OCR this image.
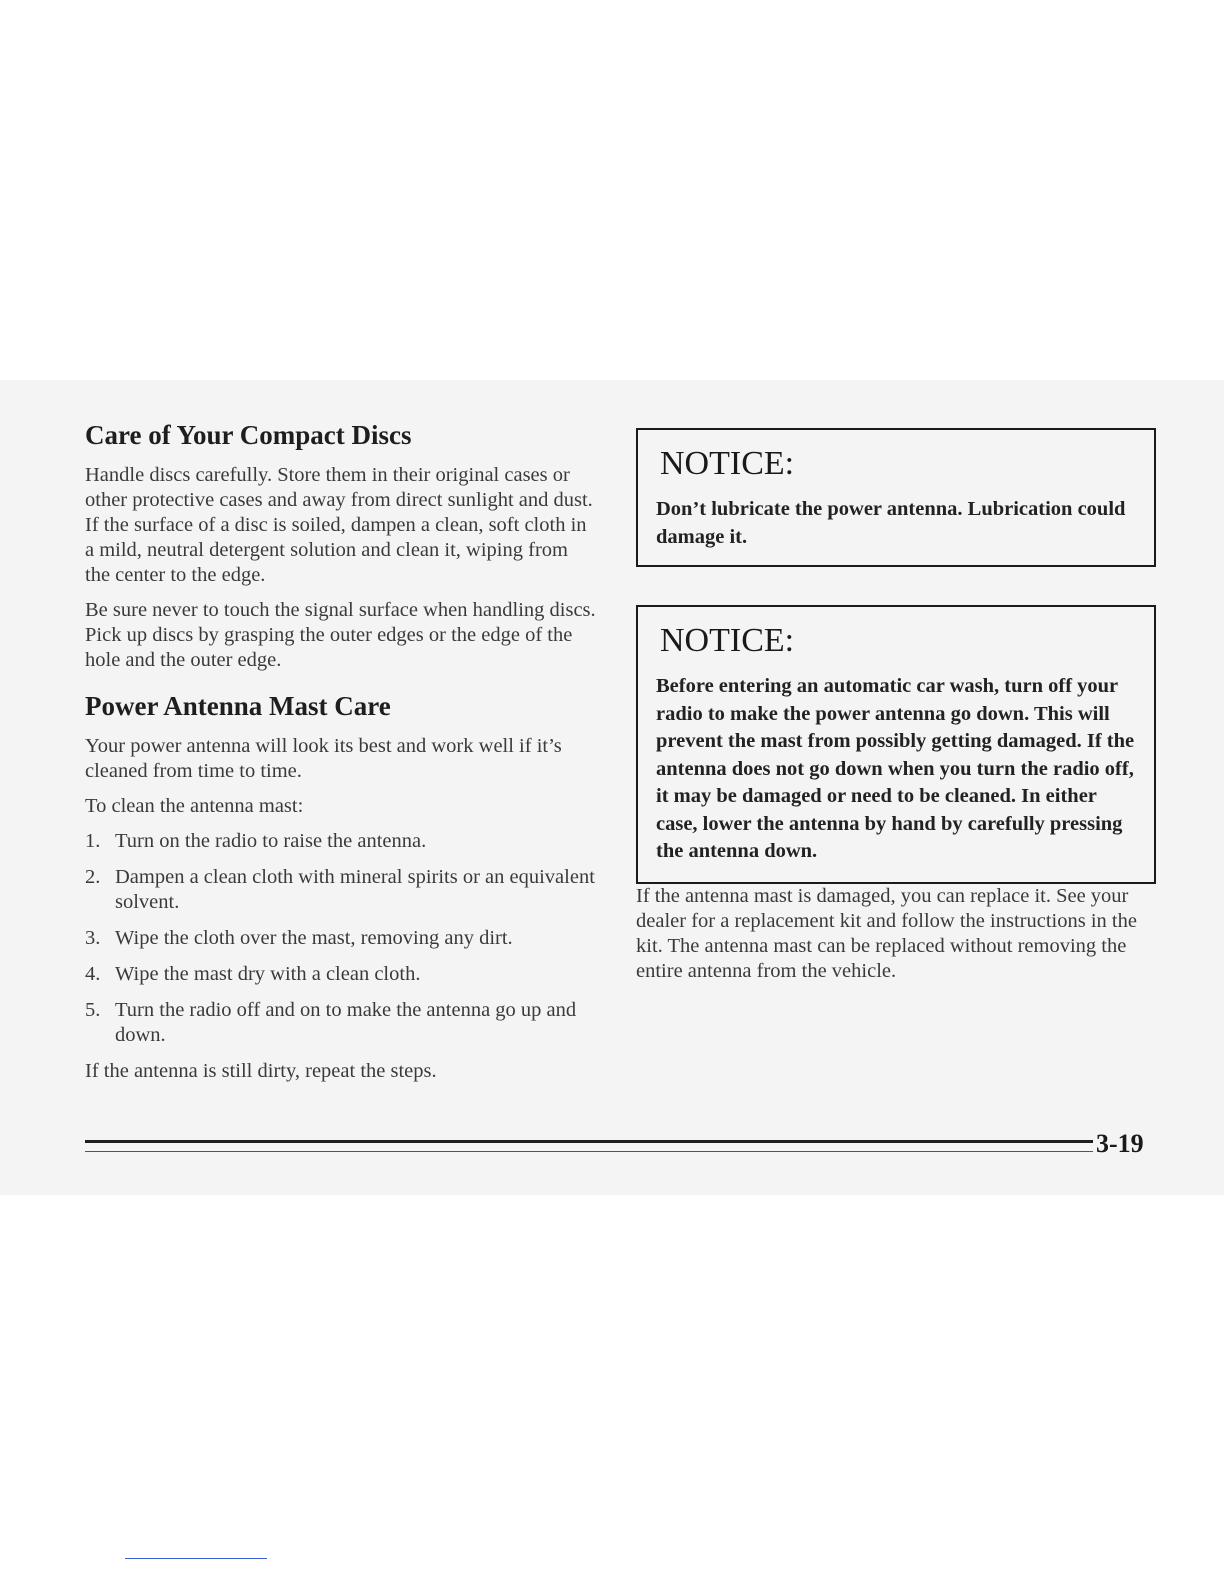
Care of Your Compact Discs

Handle discs carefully. Store them in their original cases or other protective cases and away from direct sunlight and dust. If the surface of a disc is soiled, dampen a clean, soft cloth in a mild, neutral detergent solution and clean it, wiping from the center to the edge.

Be sure never to touch the signal surface when handling discs. Pick up discs by grasping the outer edges or the edge of the hole and the outer edge.

Power Antenna Mast Care

Your power antenna will look its best and work well if it’s cleaned from time to time.

To clean the antenna mast:

1. Turn on the radio to raise the antenna.
2. Dampen a clean cloth with mineral spirits or an equivalent solvent.
3. Wipe the cloth over the mast, removing any dirt.
4. Wipe the mast dry with a clean cloth.
5. Turn the radio off and on to make the antenna go up and down.

If the antenna is still dirty, repeat the steps.

NOTICE:

Don’t lubricate the power antenna. Lubrication could damage it.

NOTICE:

Before entering an automatic car wash, turn off your radio to make the power antenna go down. This will prevent the mast from possibly getting damaged. If the antenna does not go down when you turn the radio off, it may be damaged or need to be cleaned. In either case, lower the antenna by hand by carefully pressing the antenna down.

If the antenna mast is damaged, you can replace it. See your dealer for a replacement kit and follow the instructions in the kit. The antenna mast can be replaced without removing the entire antenna from the vehicle.

3-19
